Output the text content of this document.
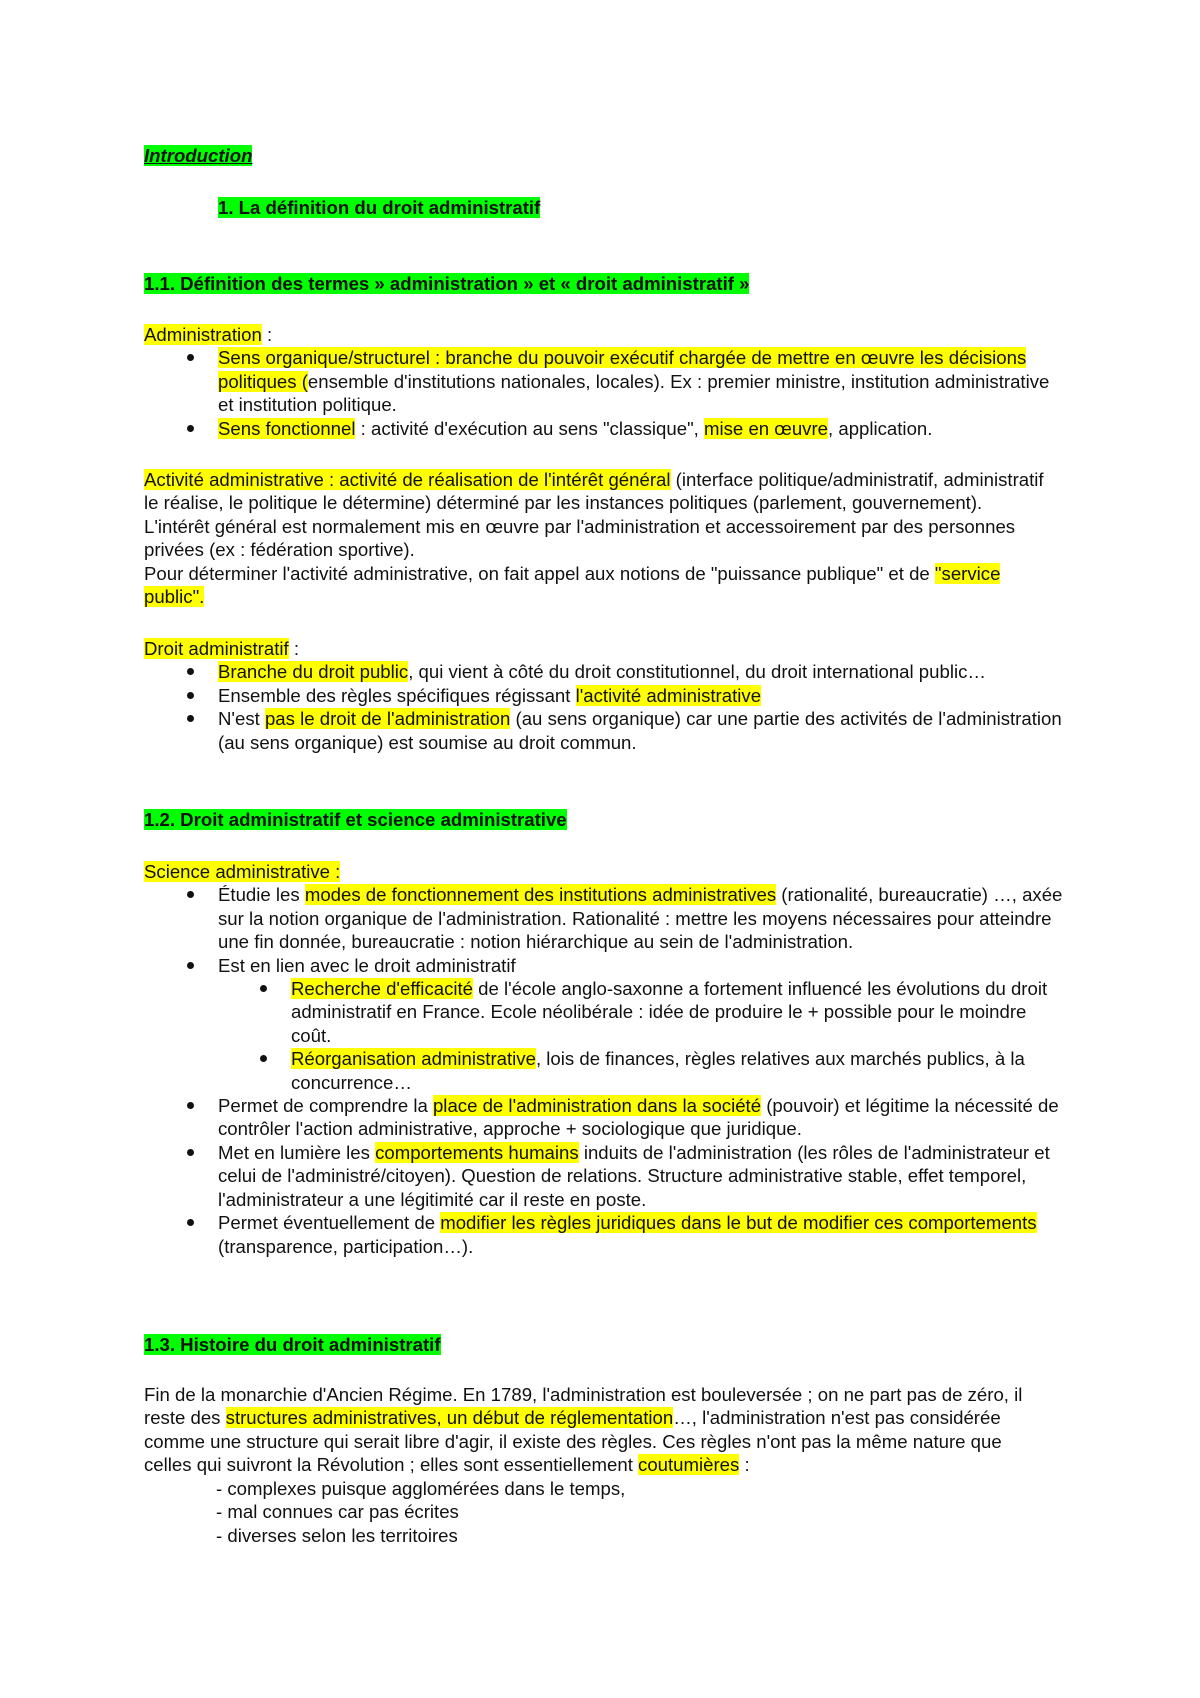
Introduction
1. La définition du droit administratif
1.1. Définition des termes » administration » et « droit administratif »
Administration :
Sens organique/structurel : branche du pouvoir exécutif chargée de mettre en œuvre les décisions politiques (ensemble d'institutions nationales, locales). Ex : premier ministre, institution administrative et institution politique.
Sens fonctionnel : activité d'exécution au sens "classique", mise en œuvre, application.
Activité administrative : activité de réalisation de l'intérêt général (interface politique/administratif, administratif le réalise, le politique le détermine) déterminé par les instances politiques (parlement, gouvernement). L'intérêt général est normalement mis en œuvre par l'administration et accessoirement par des personnes privées (ex : fédération sportive).
Pour déterminer l'activité administrative, on fait appel aux notions de "puissance publique" et de "service public".
Droit administratif :
Branche du droit public, qui vient à côté du droit constitutionnel, du droit international public…
Ensemble des règles spécifiques régissant l'activité administrative
N'est pas le droit de l'administration (au sens organique) car une partie des activités de l'administration (au sens organique) est soumise au droit commun.
1.2. Droit administratif et science administrative
Science administrative :
Étudie les modes de fonctionnement des institutions administratives (rationalité, bureaucratie) …, axée sur la notion organique de l'administration. Rationalité : mettre les moyens nécessaires pour atteindre une fin donnée, bureaucratie : notion hiérarchique au sein de l'administration.
Est en lien avec le droit administratif
Recherche d'efficacité de l'école anglo-saxonne a fortement influencé les évolutions du droit administratif en France. Ecole néolibérale : idée de produire le + possible pour le moindre coût.
Réorganisation administrative, lois de finances, règles relatives aux marchés publics, à la concurrence…
Permet de comprendre la place de l'administration dans la société (pouvoir) et légitime la nécessité de contrôler l'action administrative, approche + sociologique que juridique.
Met en lumière les comportements humains induits de l'administration (les rôles de l'administrateur et celui de l'administré/citoyen). Question de relations. Structure administrative stable, effet temporel, l'administrateur a une légitimité car il reste en poste.
Permet éventuellement de modifier les règles juridiques dans le but de modifier ces comportements (transparence, participation…).
1.3. Histoire du droit administratif
Fin de la monarchie d'Ancien Régime. En 1789, l'administration est bouleversée ; on ne part pas de zéro, il reste des structures administratives, un début de réglementation…, l'administration n'est pas considérée comme une structure qui serait libre d'agir, il existe des règles. Ces règles n'ont pas la même nature que celles qui suivront la Révolution ; elles sont essentiellement coutumières :
- complexes puisque agglomérées dans le temps,
- mal connues car pas écrites
- diverses selon les territoires
